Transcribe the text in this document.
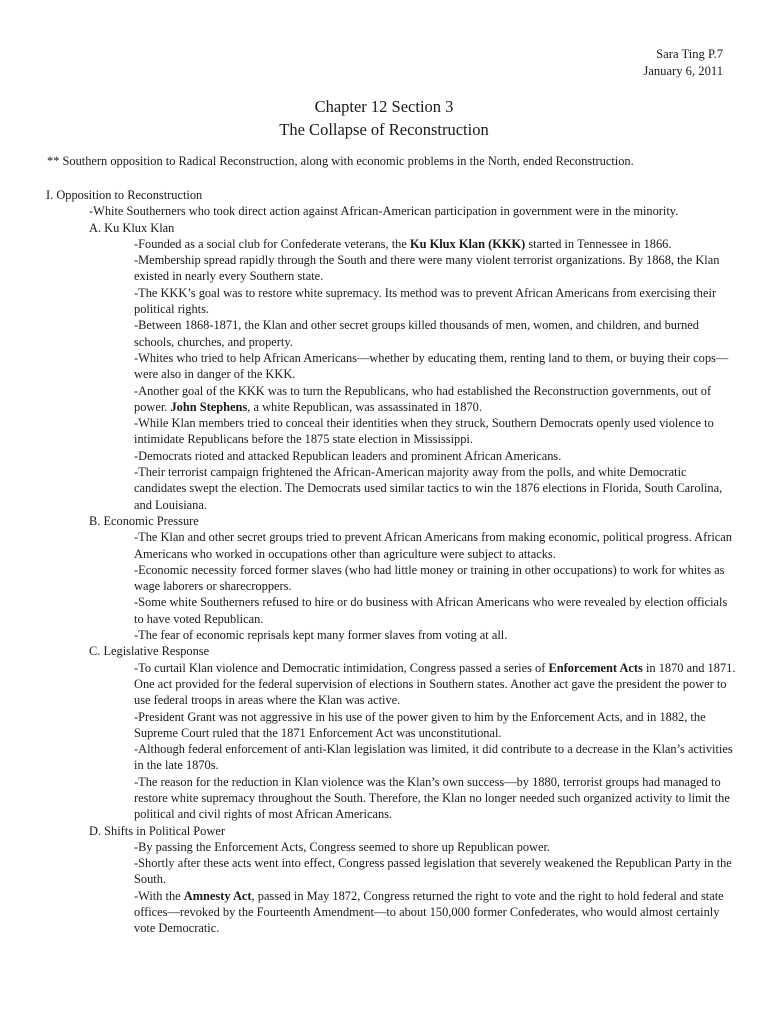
Sara Ting P.7
January 6, 2011
Chapter 12 Section 3
The Collapse of Reconstruction
** Southern opposition to Radical Reconstruction, along with economic problems in the North, ended Reconstruction.
I. Opposition to Reconstruction
-White Southerners who took direct action against African-American participation in government were in the minority.
A. Ku Klux Klan

-Founded as a social club for Confederate veterans, the Ku Klux Klan (KKK) started in Tennessee in 1866.

-Membership spread rapidly through the South and there were many violent terrorist organizations. By 1868, the Klan existed in nearly every Southern state.

-The KKK’s goal was to restore white supremacy. Its method was to prevent African Americans from exercising their political rights.

-Between 1868-1871, the Klan and other secret groups killed thousands of men, women, and children, and burned schools, churches, and property.

-Whites who tried to help African Americans—whether by educating them, renting land to them, or buying their cops—were also in danger of the KKK.

-Another goal of the KKK was to turn the Republicans, who had established the Reconstruction governments, out of power. John Stephens, a white Republican, was assassinated in 1870.

-While Klan members tried to conceal their identities when they struck, Southern Democrats openly used violence to intimidate Republicans before the 1875 state election in Mississippi.

-Democrats rioted and attacked Republican leaders and prominent African Americans.

-Their terrorist campaign frightened the African-American majority away from the polls, and white Democratic candidates swept the election. The Democrats used similar tactics to win the 1876 elections in Florida, South Carolina, and Louisiana.

B. Economic Pressure

-The Klan and other secret groups tried to prevent African Americans from making economic, political progress. African Americans who worked in occupations other than agriculture were subject to attacks.

-Economic necessity forced former slaves (who had little money or training in other occupations) to work for whites as wage laborers or sharecroppers.

-Some white Southerners refused to hire or do business with African Americans who were revealed by election officials to have voted Republican.

-The fear of economic reprisals kept many former slaves from voting at all.

C. Legislative Response

-To curtail Klan violence and Democratic intimidation, Congress passed a series of Enforcement Acts in 1870 and 1871. One act provided for the federal supervision of elections in Southern states. Another act gave the president the power to use federal troops in areas where the Klan was active.

-President Grant was not aggressive in his use of the power given to him by the Enforcement Acts, and in 1882, the Supreme Court ruled that the 1871 Enforcement Act was unconstitutional.

-Although federal enforcement of anti-Klan legislation was limited, it did contribute to a decrease in the Klan’s activities in the late 1870s.

-The reason for the reduction in Klan violence was the Klan’s own success—by 1880, terrorist groups had managed to restore white supremacy throughout the South. Therefore, the Klan no longer needed such organized activity to limit the political and civil rights of most African Americans.

D. Shifts in Political Power

-By passing the Enforcement Acts, Congress seemed to shore up Republican power.

-Shortly after these acts went into effect, Congress passed legislation that severely weakened the Republican Party in the South.

-With the Amnesty Act, passed in May 1872, Congress returned the right to vote and the right to hold federal and state offices—revoked by the Fourteenth Amendment—to about 150,000 former Confederates, who would almost certainly vote Democratic.
